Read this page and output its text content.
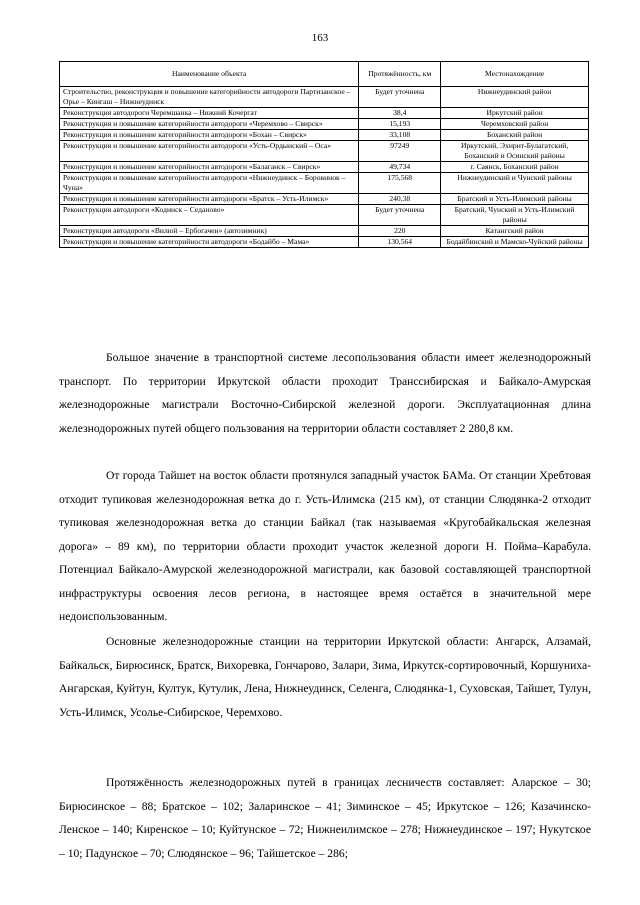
163
Наименование объекта	Протяжённость, км	Местонахождение
Строительство, реконструкция и повышение категорийности автодороги Партизанское – Орье – Кингаш – Нижнеудинск	Будет уточнена	Нижнеудинский район
Реконструкция автодороги Черемшанка – Нижний Кочергат	38,4	Иркутский район
Реконструкция и повышение категорийности автодороги «Черемхово – Свирск»	15,193	Черемховский район
Реконструкция и повышение категорийности автодороги «Бохан – Свирск»	33,108	Боханский район
Реконструкция и повышение категорийности автодороги «Усть-Ордынский – Оса»	97249	Иркутский, Эхирит-Булагатский, Боханский и Осинский районы
Реконструкция и повышение категорийности автодороги «Балаганск – Свирск»	49,734	г. Саянск, Боханский район
Реконструкция и повышение категорийности автодороги «Нижнеудинск – Боровинок – Чуна»	175,568	Нижнеудинский и Чунский районы
Реконструкция и повышение категорийности автодороги «Братск – Усть-Илимск»	240,38	Братский и Усть-Илимский районы
Реконструкция автодороги «Кодинск – Седаново»	Будет уточнена	Братский, Чунский и Усть-Илимский районы
Реконструкция автодороги «Вилюй – Ербогачен» (автозимник)	220	Катангский район
Реконструкция и повышение категорийности автодороги «Бодайбо – Мама»	130,564	Бодайбинский и Мамско-Чуйский районы

Большое значение в транспортной системе лесопользования области имеет железнодорожный транспорт. По территории Иркутской области проходит Транссибирская и Байкало-Амурская железнодорожные магистрали Восточно-Сибирской железной дороги. Эксплуатационная длина железнодорожных путей общего пользования на территории области составляет 2 280,8 км.

От города Тайшет на восток области протянулся западный участок БАМа. От станции Хребтовая отходит тупиковая железнодорожная ветка до г. Усть-Илимска (215 км), от станции Слюдянка-2 отходит тупиковая железнодорожная ветка до станции Байкал (так называемая «Кругобайкальская железная дорога» – 89 км), по территории области проходит участок железной дороги Н. Пойма–Карабула. Потенциал Байкало-Амурской железнодорожной магистрали, как базовой составляющей транспортной инфраструктуры освоения лесов региона, в настоящее время остаётся в значительной мере недоиспользованным.

Основные железнодорожные станции на территории Иркутской области: Ангарск, Алзамай, Байкальск, Бирюсинск, Братск, Вихоревка, Гончарово, Залари, Зима, Иркутск-сортировочный, Коршуниха-Ангарская, Куйтун, Култук, Кутулик, Лена, Нижнеудинск, Селенга, Слюдянка-1, Суховская, Тайшет, Тулун, Усть-Илимск, Усолье-Сибирское, Черемхово.

Протяжённость железнодорожных путей в границах лесничеств составляет: Аларское – 30; Бирюсинское – 88; Братское – 102; Заларинское – 41; Зиминское – 45; Иркутское – 126; Казачинско-Ленское – 140; Киренское – 10; Куйтунское – 72; Нижнеилимское – 278; Нижнеудинское – 197; Нукутское – 10; Падунское – 70; Слюдянское – 96; Тайшетское – 286;
